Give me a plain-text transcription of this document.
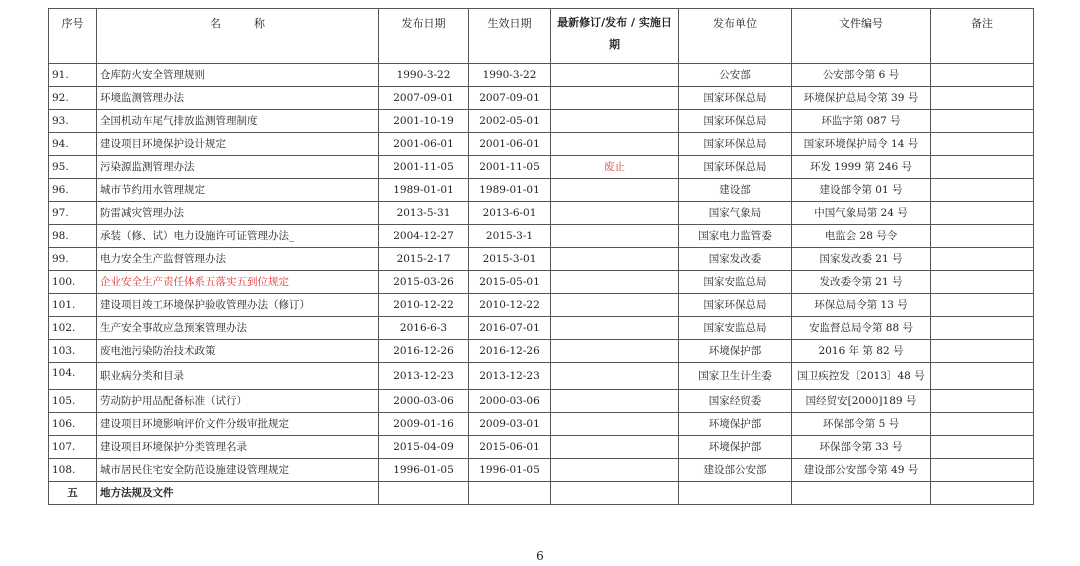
序号	名　　　称	发布日期	生效日期	最新修订/发布 / 实施日期	发布单位	文件编号	备注
91.	仓库防火安全管理规则	1990-3-22	1990-3-22		公安部	公安部令第 6 号	
92.	环境监测管理办法	2007-09-01	2007-09-01		国家环保总局	环境保护总局令第 39 号	
93.	全国机动车尾气排放监测管理制度	2001-10-19	2002-05-01		国家环保总局	环监字第 087 号	
94.	建设项目环境保护设计规定	2001-06-01	2001-06-01		国家环保总局	国家环境保护局令 14 号	
95.	污染源监测管理办法	2001-11-05	2001-11-05	废止	国家环保总局	环发 1999 第 246 号	
96.	城市节约用水管理规定	1989-01-01	1989-01-01		建设部	建设部令第 01 号	
97.	防雷减灾管理办法	2013-5-31	2013-6-01		国家气象局	中国气象局第 24 号	
98.	承装（修、试）电力设施许可证管理办法_	2004-12-27	2015-3-1		国家电力监管委	电监会 28 号令	
99.	电力安全生产监督管理办法	2015-2-17	2015-3-01		国家发改委	国家发改委 21 号	
100.	企业安全生产责任体系五落实五到位规定	2015-03-26	2015-05-01		国家安监总局	发改委令第 21 号	
101.	建设项目竣工环境保护验收管理办法（修订）	2010-12-22	2010-12-22		国家环保总局	环保总局令第 13 号	
102.	生产安全事故应急预案管理办法	2016-6-3	2016-07-01		国家安监总局	安监督总局令第 88 号	
103.	废电池污染防治技术政策	2016-12-26	2016-12-26		环境保护部	2016 年 第 82 号	
104.	职业病分类和目录	2013-12-23	2013-12-23		国家卫生计生委	国卫疾控发〔2013〕48 号	
105.	劳动防护用品配备标准（试行）	2000-03-06	2000-03-06		国家经贸委	国经贸安[2000]189 号	
106.	建设项目环境影响评价文件分级审批规定	2009-01-16	2009-03-01		环境保护部	环保部令第 5 号	
107.	建设项目环境保护分类管理名录	2015-04-09	2015-06-01		环境保护部	环保部令第 33 号	
108.	城市居民住宅安全防范设施建设管理规定	1996-01-05	1996-01-05		建设部公安部	建设部公安部令第 49 号	
五	地方法规及文件						
6
